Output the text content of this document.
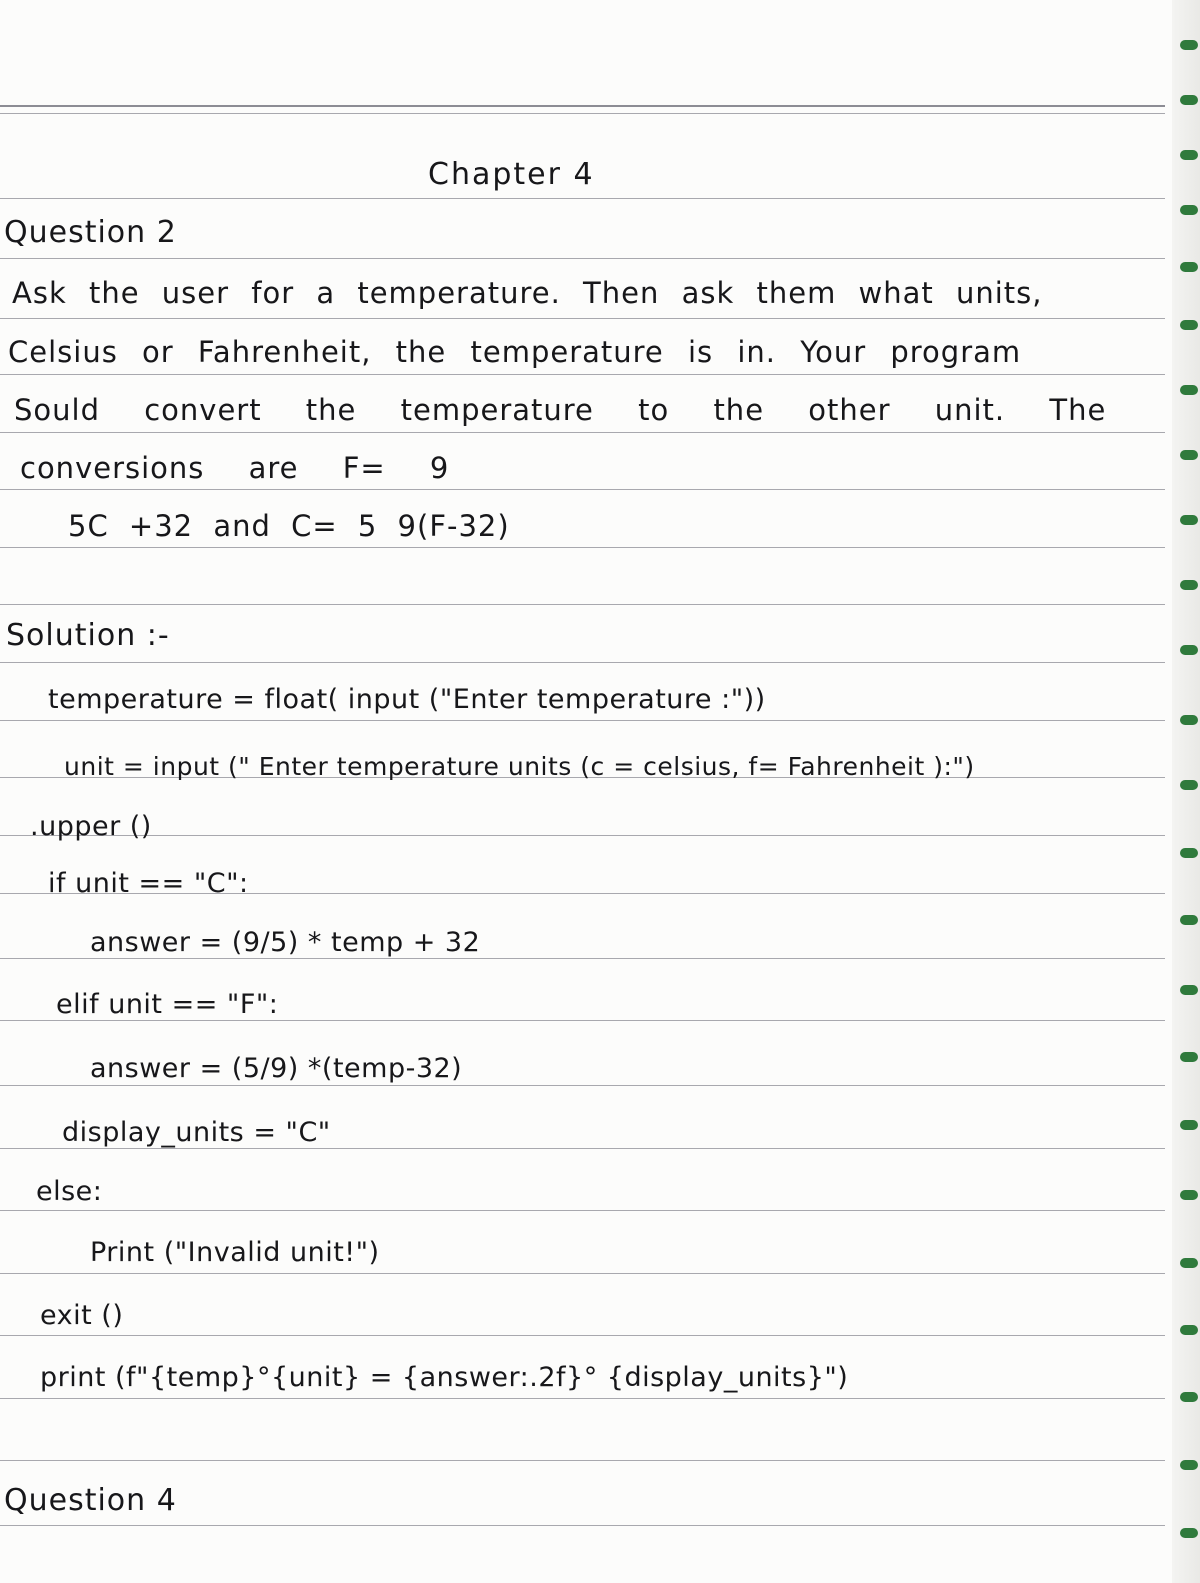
Chapter 4
Question 2
Ask the user for a temperature. Then ask them what units,
Celsius or Fahrenheit, the temperature is in. Your program
Sould convert the temperature to the other unit. The
conversions are F= 9
5C +32 and C= 5 9(F-32)
Solution :-
temperature = float( input ("Enter temperature :"))
unit = input (" Enter temperature units (c = celsius, f= Fahrenheit ):")
.upper ()
if unit == "C":
answer = (9/5) * temp + 32
elif unit == "F":
answer = (5/9) *(temp-32)
display_units = "C"
else:
Print ("Invalid unit!")
exit ()
print (f"{temp}°{unit} = {answer:.2f}° {display_units}")
Question 4
